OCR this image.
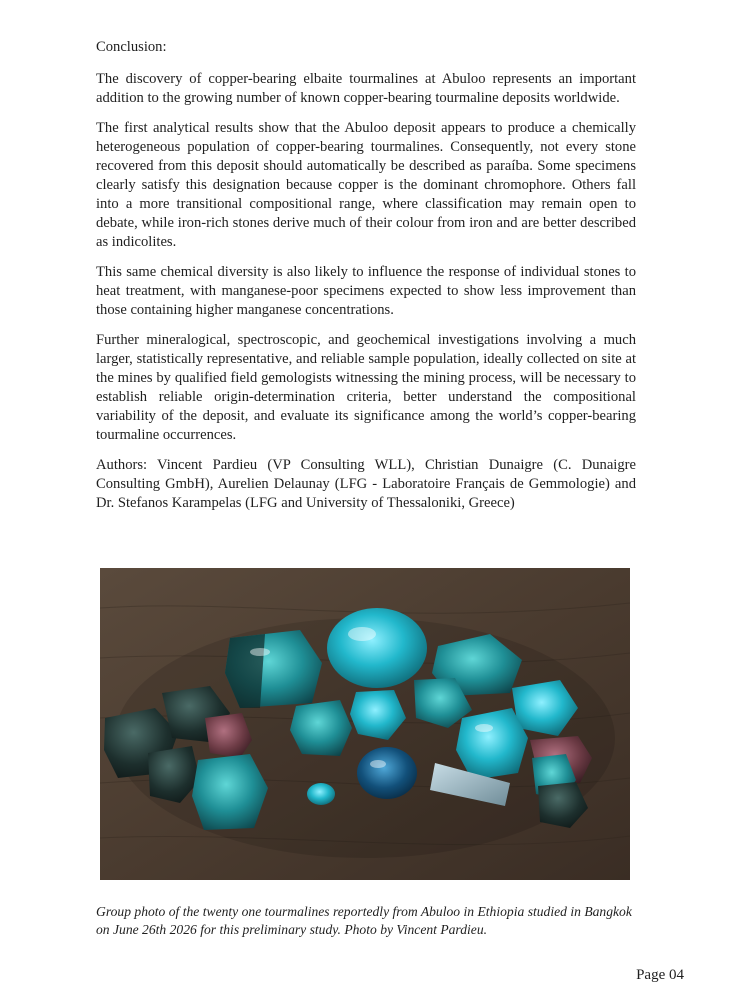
Conclusion:

The discovery of copper-bearing elbaite tourmalines at Abuloo represents an important addition to the growing number of known copper-bearing tourmaline deposits worldwide.

The first analytical results show that the Abuloo deposit appears to produce a chemically heterogeneous population of copper-bearing tourmalines. Consequently, not every stone recovered from this deposit should automatically be described as paraíba. Some specimens clearly satisfy this designation because copper is the dominant chromophore. Others fall into a more transitional compositional range, where classification may remain open to debate, while iron-rich stones derive much of their colour from iron and are better described as indicolites.

This same chemical diversity is also likely to influence the response of individual stones to heat treatment, with manganese-poor specimens expected to show less improvement than those containing higher manganese concentrations.

Further mineralogical, spectroscopic, and geochemical investigations involving a much larger, statistically representative, and reliable sample population, ideally collected on site at the mines by qualified field gemologists witnessing the mining process, will be necessary to establish reliable origin-determination criteria, better understand the compositional variability of the deposit, and evaluate its significance among the world’s copper-bearing tourmaline occurrences.

Authors: Vincent Pardieu (VP Consulting WLL), Christian Dunaigre (C. Dunaigre Consulting GmbH), Aurelien Delaunay (LFG - Laboratoire Français de Gemmologie) and Dr. Stefanos Karampelas (LFG and University of Thessaloniki, Greece)

Group photo of the twenty one tourmalines reportedly from Abuloo in Ethiopia studied in Bangkok on June 26th 2026 for this preliminary study. Photo by Vincent Pardieu.

Page 04
